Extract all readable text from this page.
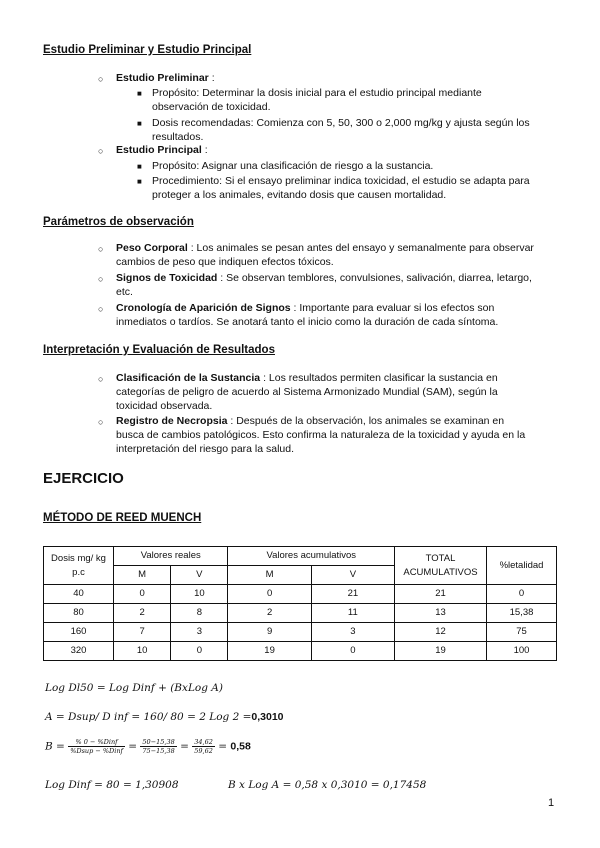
Estudio Preliminar y Estudio Principal
○ Estudio Preliminar :
■ Propósito: Determinar la dosis inicial para el estudio principal mediante
observación de toxicidad.
■ Dosis recomendadas: Comienza con 5, 50, 300 o 2,000 mg/kg y ajusta según los
resultados.
○ Estudio Principal :
■ Propósito: Asignar una clasificación de riesgo a la sustancia.
■ Procedimiento: Si el ensayo preliminar indica toxicidad, el estudio se adapta para
proteger a los animales, evitando dosis que causen mortalidad.
Parámetros de observación
○ Peso Corporal : Los animales se pesan antes del ensayo y semanalmente para observar
cambios de peso que indiquen efectos tóxicos.
○ Signos de Toxicidad : Se observan temblores, convulsiones, salivación, diarrea, letargo,
etc.
○ Cronología de Aparición de Signos : Importante para evaluar si los efectos son
inmediatos o tardíos. Se anotará tanto el inicio como la duración de cada síntoma.
Interpretación y Evaluación de Resultados
○ Clasificación de la Sustancia : Los resultados permiten clasificar la sustancia en
categorías de peligro de acuerdo al Sistema Armonizado Mundial (SAM), según la
toxicidad observada.
○ Registro de Necropsia : Después de la observación, los animales se examinan en
busca de cambios patológicos. Esto confirma la naturaleza de la toxicidad y ayuda en la
interpretación del riesgo para la salud.
EJERCICIO
MÉTODO DE REED MUENCH
Dosis mg/ kg p.c	Valores reales		Valores acumulativos		TOTAL ACUMULATIVOS	%letalidad
	M	V	M	V		
40	0	10	0	21	21	0
80	2	8	2	11	13	15,38
160	7	3	9	3	12	75
320	10	0	19	0	19	100
Log Dl50 = Log Dinf + (BxLog A)
A = Dsup/ D inf = 160/ 80 = 2 Log 2 =0,3010
$B = \frac{\text{\% 0 − \%Dinf}}{\text{\%Dsup − \%Dinf}} = \frac{50-15,38}{75-15,38} = \frac{34,62}{59,62} = 0,58$
Log Dinf = 80 = 1,30908	B x Log A = 0,58 x 0,3010 = 0,17458
1
